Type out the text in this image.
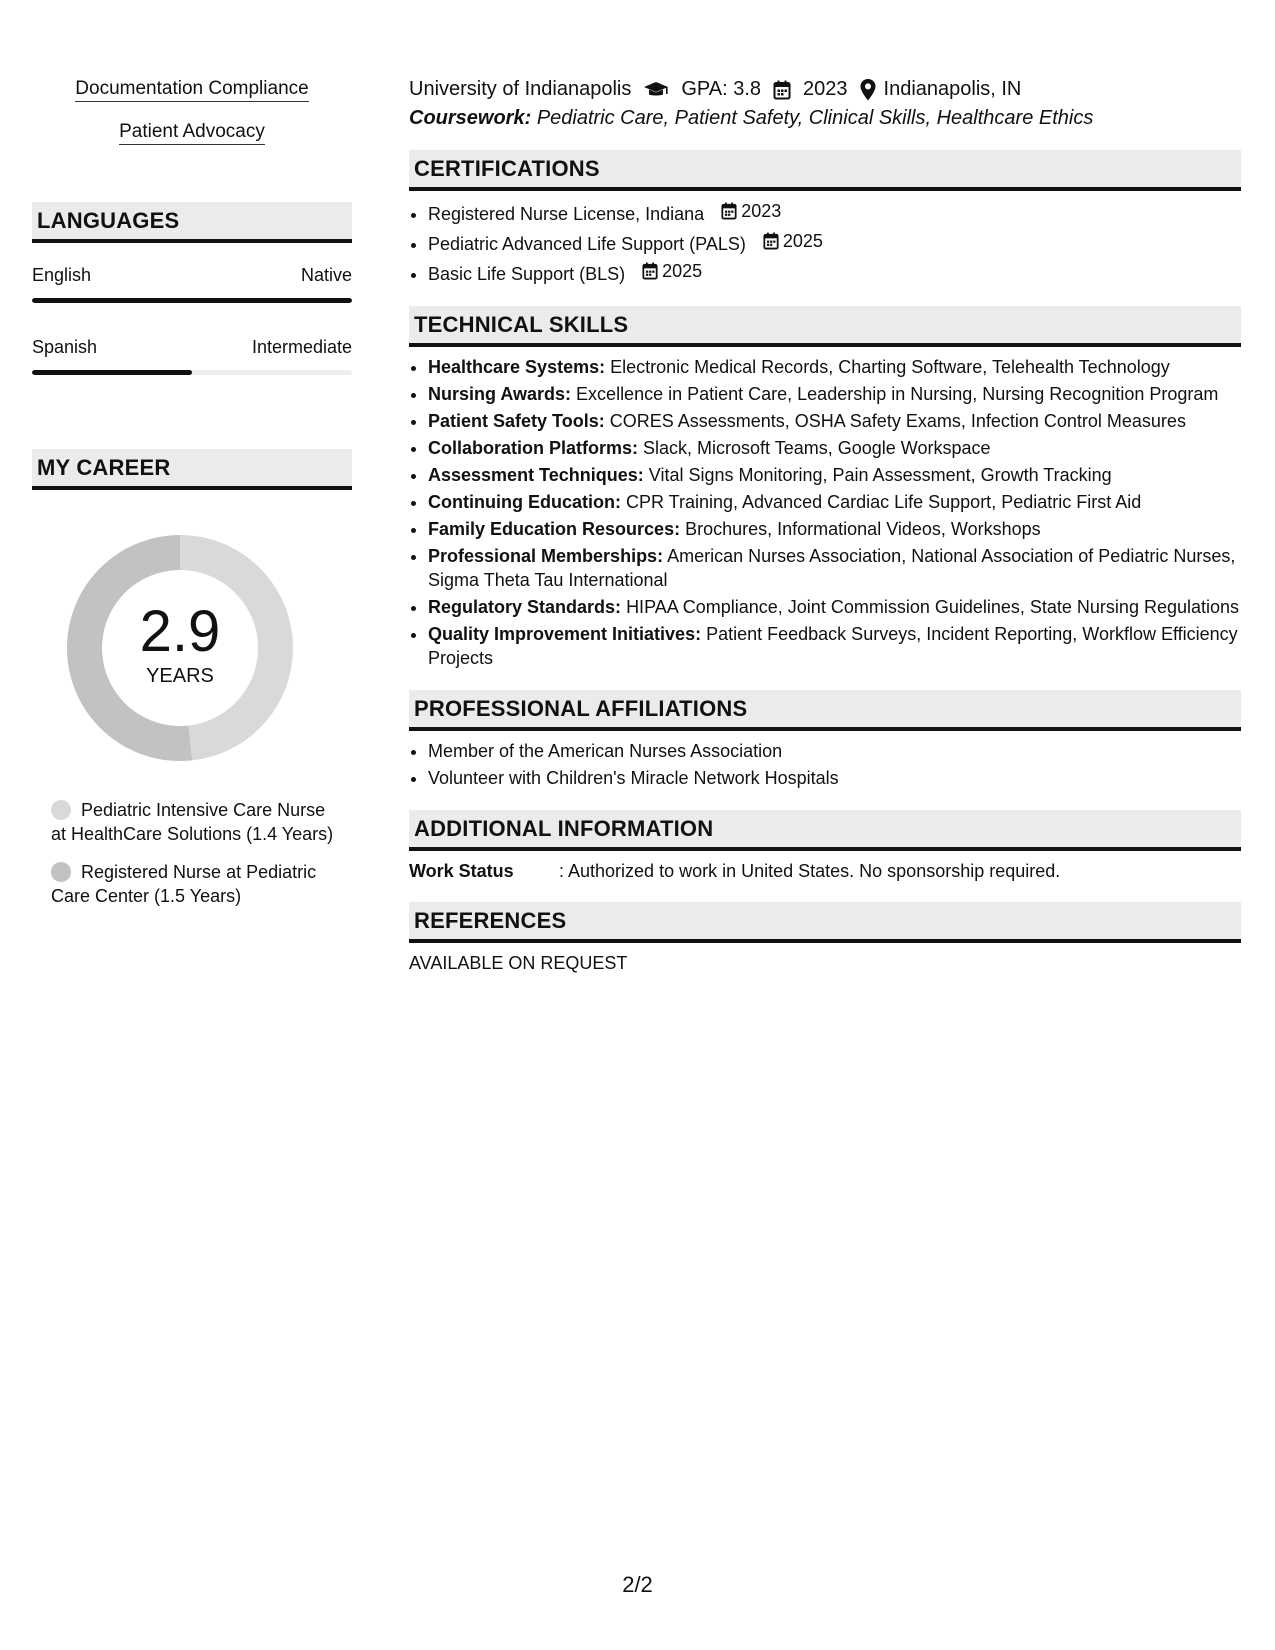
Documentation Compliance
Patient Advocacy
LANGUAGES
English	Native
Spanish	Intermediate
MY CAREER
2.9
YEARS
Pediatric Intensive Care Nurse at HealthCare Solutions (1.4 Years)
Registered Nurse at Pediatric Care Center (1.5 Years)
University of Indianapolis	GPA: 3.8 2023 Indianapolis, IN
Coursework: Pediatric Care, Patient Safety, Clinical Skills, Healthcare Ethics
CERTIFICATIONS
• Registered Nurse License, Indiana 2023
• Pediatric Advanced Life Support (PALS) 2025
• Basic Life Support (BLS) 2025
TECHNICAL SKILLS
• Healthcare Systems: Electronic Medical Records, Charting Software, Telehealth Technology
• Nursing Awards: Excellence in Patient Care, Leadership in Nursing, Nursing Recognition Program
• Patient Safety Tools: CORES Assessments, OSHA Safety Exams, Infection Control Measures
• Collaboration Platforms: Slack, Microsoft Teams, Google Workspace
• Assessment Techniques: Vital Signs Monitoring, Pain Assessment, Growth Tracking
• Continuing Education: CPR Training, Advanced Cardiac Life Support, Pediatric First Aid
• Family Education Resources: Brochures, Informational Videos, Workshops
• Professional Memberships: American Nurses Association, National Association of Pediatric Nurses, Sigma Theta Tau International
• Regulatory Standards: HIPAA Compliance, Joint Commission Guidelines, State Nursing Regulations
• Quality Improvement Initiatives: Patient Feedback Surveys, Incident Reporting, Workflow Efficiency Projects
PROFESSIONAL AFFILIATIONS
• Member of the American Nurses Association
• Volunteer with Children's Miracle Network Hospitals
ADDITIONAL INFORMATION
Work Status	: Authorized to work in United States. No sponsorship required.
REFERENCES
AVAILABLE ON REQUEST
2/2
